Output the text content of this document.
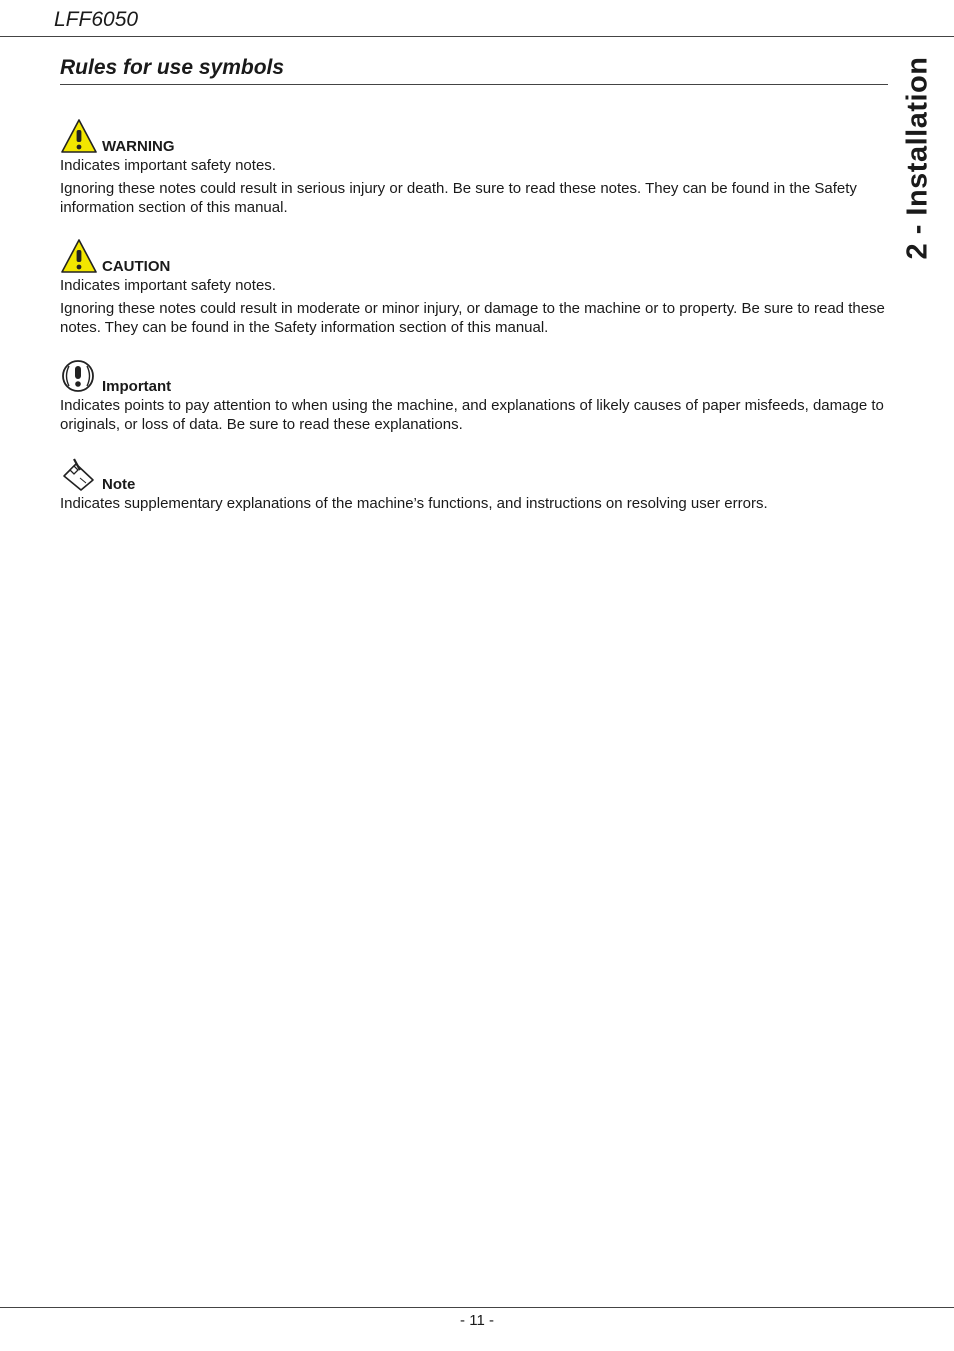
LFF6050
Rules for use symbols	2 - Installation
WARNING

Indicates important safety notes.

Ignoring these notes could result in serious injury or death. Be sure to read these notes. They can be found in the Safety information section of this manual.

CAUTION

Indicates important safety notes.

Ignoring these notes could result in moderate or minor injury, or damage to the machine or to property. Be sure to read these notes. They can be found in the Safety information section of this manual.

Important

Indicates points to pay attention to when using the machine, and explanations of likely causes of paper misfeeds, damage to originals, or loss of data. Be sure to read these explanations.

Note

Indicates supplementary explanations of the machine’s functions, and instructions on resolving user errors.

- 11 -
